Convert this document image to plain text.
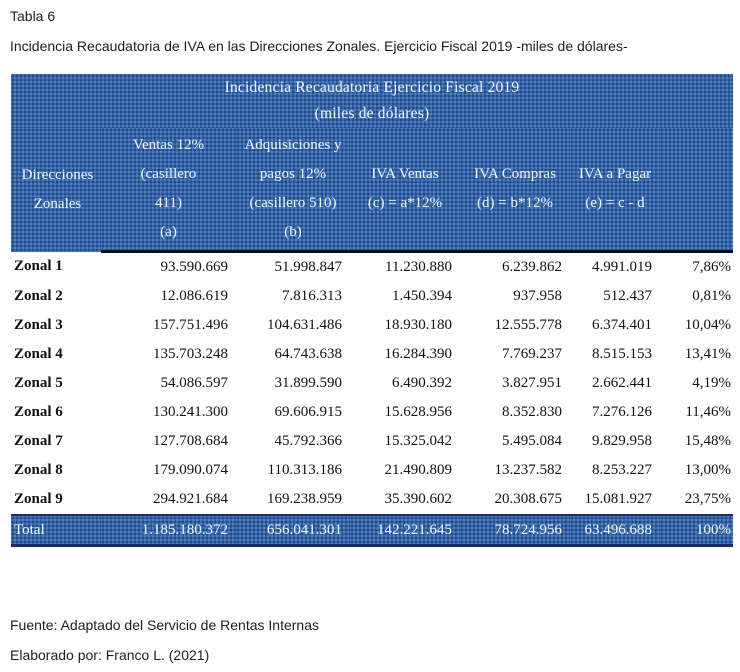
Tabla 6
Incidencia Recaudatoria de IVA en las Direcciones Zonales. Ejercicio Fiscal 2019 -miles de dólares-
Incidencia Recaudatoria Ejercicio Fiscal 2019
(miles de dólares)						

Direcciones
Zonales

Ventas 12%
(casillero
411)
(a)

Adquisiciones y
pagos 12%
(casillero 510)
(b)

IVA Ventas
(c) = a*12%

IVA Compras
(d) = b*12%

IVA a Pagar
(e) = c - d

Zonal 1	93.590.669	51.998.847	11.230.880	6.239.862	4.991.019	7,86%
Zonal 2	12.086.619	7.816.313	1.450.394	937.958	512.437	0,81%
Zonal 3	157.751.496	104.631.486	18.930.180	12.555.778	6.374.401	10,04%
Zonal 4	135.703.248	64.743.638	16.284.390	7.769.237	8.515.153	13,41%
Zonal 5	54.086.597	31.899.590	6.490.392	3.827.951	2.662.441	4,19%
Zonal 6	130.241.300	69.606.915	15.628.956	8.352.830	7.276.126	11,46%
Zonal 7	127.708.684	45.792.366	15.325.042	5.495.084	9.829.958	15,48%
Zonal 8	179.090.074	110.313.186	21.490.809	13.237.582	8.253.227	13,00%
Zonal 9	294.921.684	169.238.959	35.390.602	20.308.675	15.081.927	23,75%
Total	1.185.180.372	656.041.301	142.221.645	78.724.956	63.496.688	100%
Fuente: Adaptado del Servicio de Rentas Internas
Elaborado por: Franco L. (2021)
